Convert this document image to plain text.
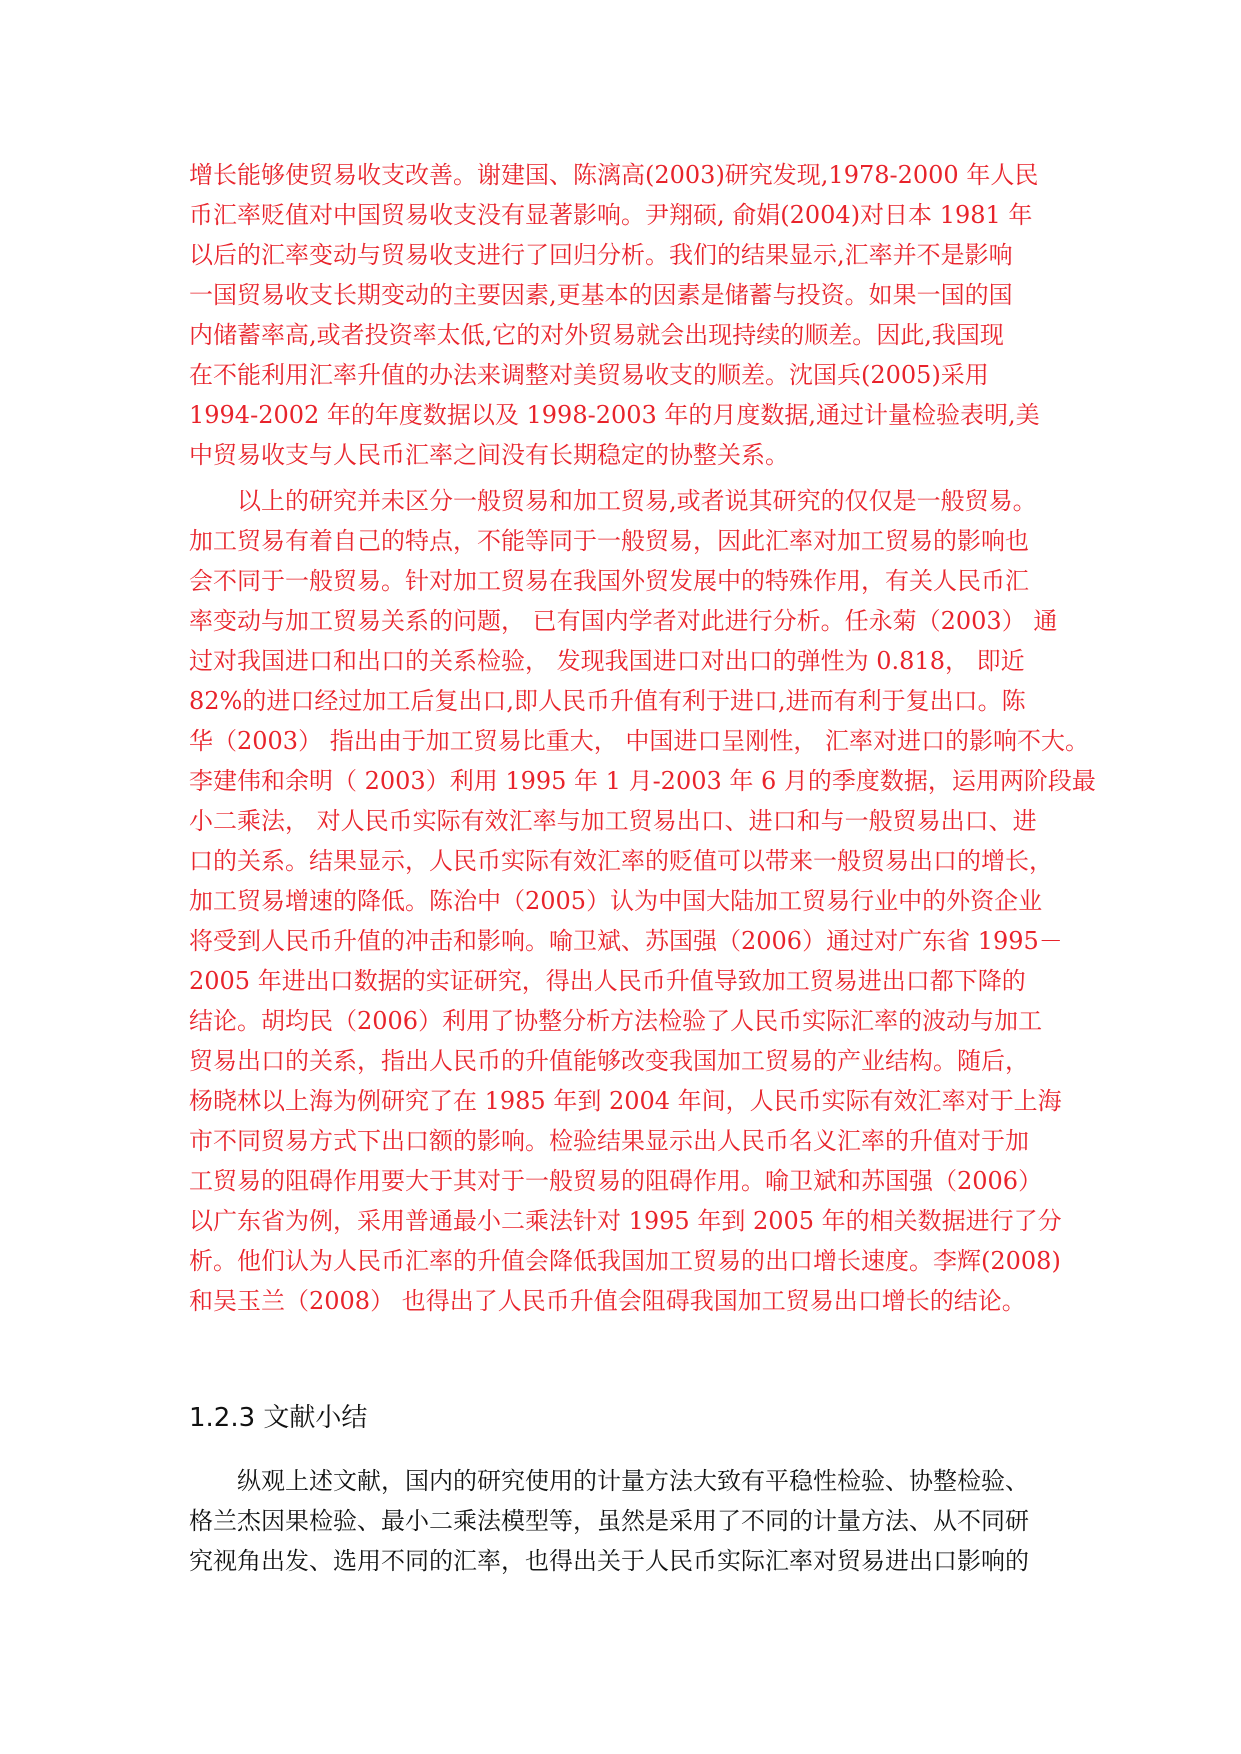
增长能够使贸易收支改善。谢建国、陈漓高(2003)研究发现,1978-2000 年人民
币汇率贬值对中国贸易收支没有显著影响。尹翔硕, 俞娟(2004)对日本 1981 年
以后的汇率变动与贸易收支进行了回归分析。我们的结果显示,汇率并不是影响
一国贸易收支长期变动的主要因素,更基本的因素是储蓄与投资。如果一国的国
内储蓄率高,或者投资率太低,它的对外贸易就会出现持续的顺差。因此,我国现
在不能利用汇率升值的办法来调整对美贸易收支的顺差。沈国兵(2005)采用
1994-2002 年的年度数据以及 1998-2003 年的月度数据,通过计量检验表明,美
中贸易收支与人民币汇率之间没有长期稳定的协整关系。
以上的研究并未区分一般贸易和加工贸易,或者说其研究的仅仅是一般贸易。
加工贸易有着自己的特点，不能等同于一般贸易，因此汇率对加工贸易的影响也
会不同于一般贸易。针对加工贸易在我国外贸发展中的特殊作用，有关人民币汇
率变动与加工贸易关系的问题， 已有国内学者对此进行分析。任永菊（2003） 通
过对我国进口和出口的关系检验， 发现我国进口对出口的弹性为 0.818， 即近
82%的进口经过加工后复出口,即人民币升值有利于进口,进而有利于复出口。陈
华（2003） 指出由于加工贸易比重大， 中国进口呈刚性， 汇率对进口的影响不大。
李建伟和余明（ 2003）利用 1995 年 1 月-2003 年 6 月的季度数据，运用两阶段最
小二乘法， 对人民币实际有效汇率与加工贸易出口、进口和与一般贸易出口、进
口的关系。结果显示，人民币实际有效汇率的贬值可以带来一般贸易出口的增长，
加工贸易增速的降低。陈治中（2005）认为中国大陆加工贸易行业中的外资企业
将受到人民币升值的冲击和影响。喻卫斌、苏国强（2006）通过对广东省 1995－
2005 年进出口数据的实证研究，得出人民币升值导致加工贸易进出口都下降的
结论。胡均民（2006）利用了协整分析方法检验了人民币实际汇率的波动与加工
贸易出口的关系，指出人民币的升值能够改变我国加工贸易的产业结构。随后，
杨晓林以上海为例研究了在 1985 年到 2004 年间，人民币实际有效汇率对于上海
市不同贸易方式下出口额的影响。检验结果显示出人民币名义汇率的升值对于加
工贸易的阻碍作用要大于其对于一般贸易的阻碍作用。喻卫斌和苏国强（2006）
以广东省为例，采用普通最小二乘法针对 1995 年到 2005 年的相关数据进行了分
析。他们认为人民币汇率的升值会降低我国加工贸易的出口增长速度。李辉(2008)
和吴玉兰（2008） 也得出了人民币升值会阻碍我国加工贸易出口增长的结论。
1.2.3 文献小结
纵观上述文献，国内的研究使用的计量方法大致有平稳性检验、协整检验、
格兰杰因果检验、最小二乘法模型等，虽然是采用了不同的计量方法、从不同研
究视角出发、选用不同的汇率，也得出关于人民币实际汇率对贸易进出口影响的
